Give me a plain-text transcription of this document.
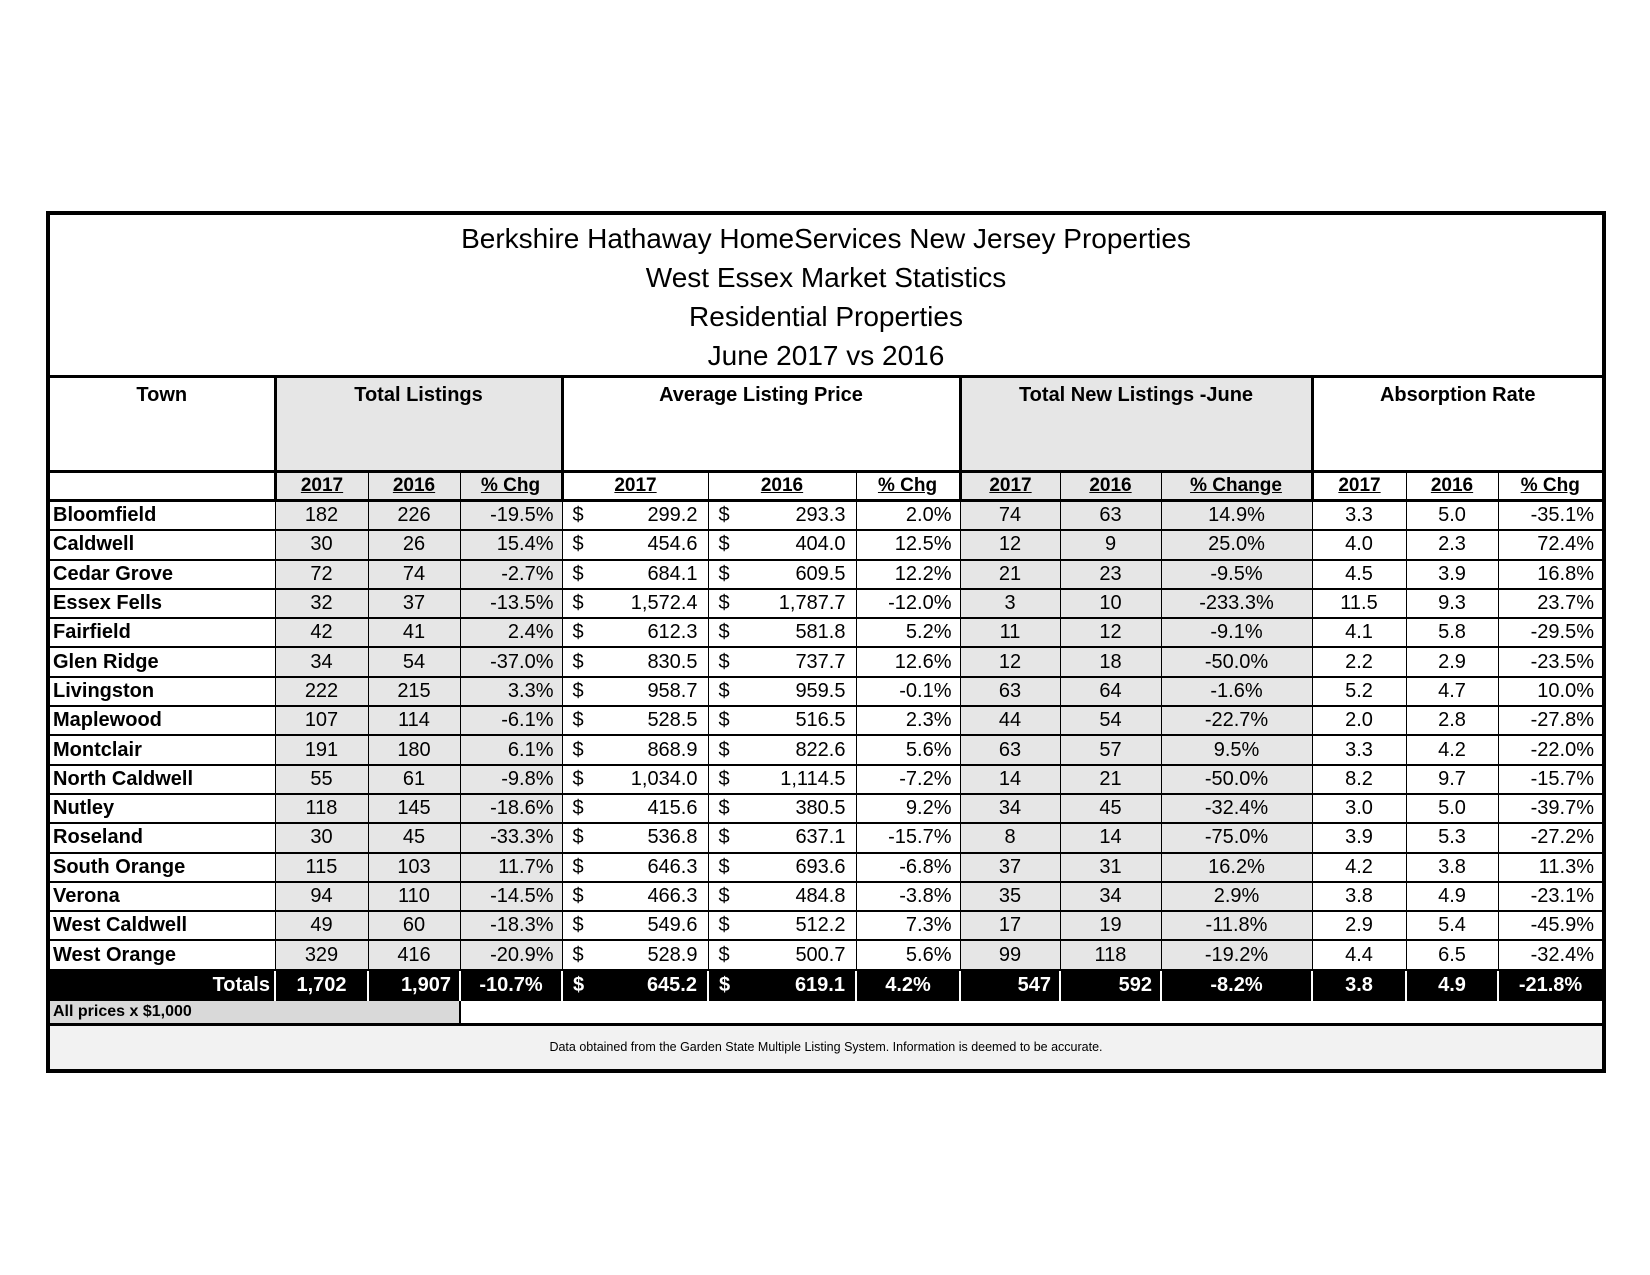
Berkshire Hathaway HomeServices New Jersey Properties
West Essex Market Statistics
Residential Properties
June 2017 vs 2016												

Town	Total Listings			Average Listing Price			Total New Listings -June			Absorption Rate		
	2017	2016	% Chg	2017	2016	% Chg	2017	2016	% Change	2017	2016	% Chg
Bloomfield	182	226	-19.5%	$ 299.2	$ 293.3	2.0%	74	63	14.9%	3.3	5.0	-35.1%
Caldwell	30	26	15.4%	$ 454.6	$ 404.0	12.5%	12	9	25.0%	4.0	2.3	72.4%
Cedar Grove	72	74	-2.7%	$ 684.1	$ 609.5	12.2%	21	23	-9.5%	4.5	3.9	16.8%
Essex Fells	32	37	-13.5%	$ 1,572.4	$ 1,787.7	-12.0%	3	10	-233.3%	11.5	9.3	23.7%
Fairfield	42	41	2.4%	$ 612.3	$ 581.8	5.2%	11	12	-9.1%	4.1	5.8	-29.5%
Glen Ridge	34	54	-37.0%	$ 830.5	$ 737.7	12.6%	12	18	-50.0%	2.2	2.9	-23.5%
Livingston	222	215	3.3%	$ 958.7	$ 959.5	-0.1%	63	64	-1.6%	5.2	4.7	10.0%
Maplewood	107	114	-6.1%	$ 528.5	$ 516.5	2.3%	44	54	-22.7%	2.0	2.8	-27.8%
Montclair	191	180	6.1%	$ 868.9	$ 822.6	5.6%	63	57	9.5%	3.3	4.2	-22.0%
North Caldwell	55	61	-9.8%	$ 1,034.0	$ 1,114.5	-7.2%	14	21	-50.0%	8.2	9.7	-15.7%
Nutley	118	145	-18.6%	$ 415.6	$ 380.5	9.2%	34	45	-32.4%	3.0	5.0	-39.7%
Roseland	30	45	-33.3%	$ 536.8	$ 637.1	-15.7%	8	14	-75.0%	3.9	5.3	-27.2%
South Orange	115	103	11.7%	$ 646.3	$ 693.6	-6.8%	37	31	16.2%	4.2	3.8	11.3%
Verona	94	110	-14.5%	$ 466.3	$ 484.8	-3.8%	35	34	2.9%	3.8	4.9	-23.1%
West Caldwell	49	60	-18.3%	$ 549.6	$ 512.2	7.3%	17	19	-11.8%	2.9	5.4	-45.9%
West Orange	329	416	-20.9%	$ 528.9	$ 500.7	5.6%	99	118	-19.2%	4.4	6.5	-32.4%
Totals	1,702	1,907	-10.7%	$ 645.2	$ 619.1	4.2%	547	592	-8.2%	3.8	4.9	-21.8%
All prices x $1,000												
Data obtained from the Garden State Multiple Listing System. Information is deemed to be accurate.												
